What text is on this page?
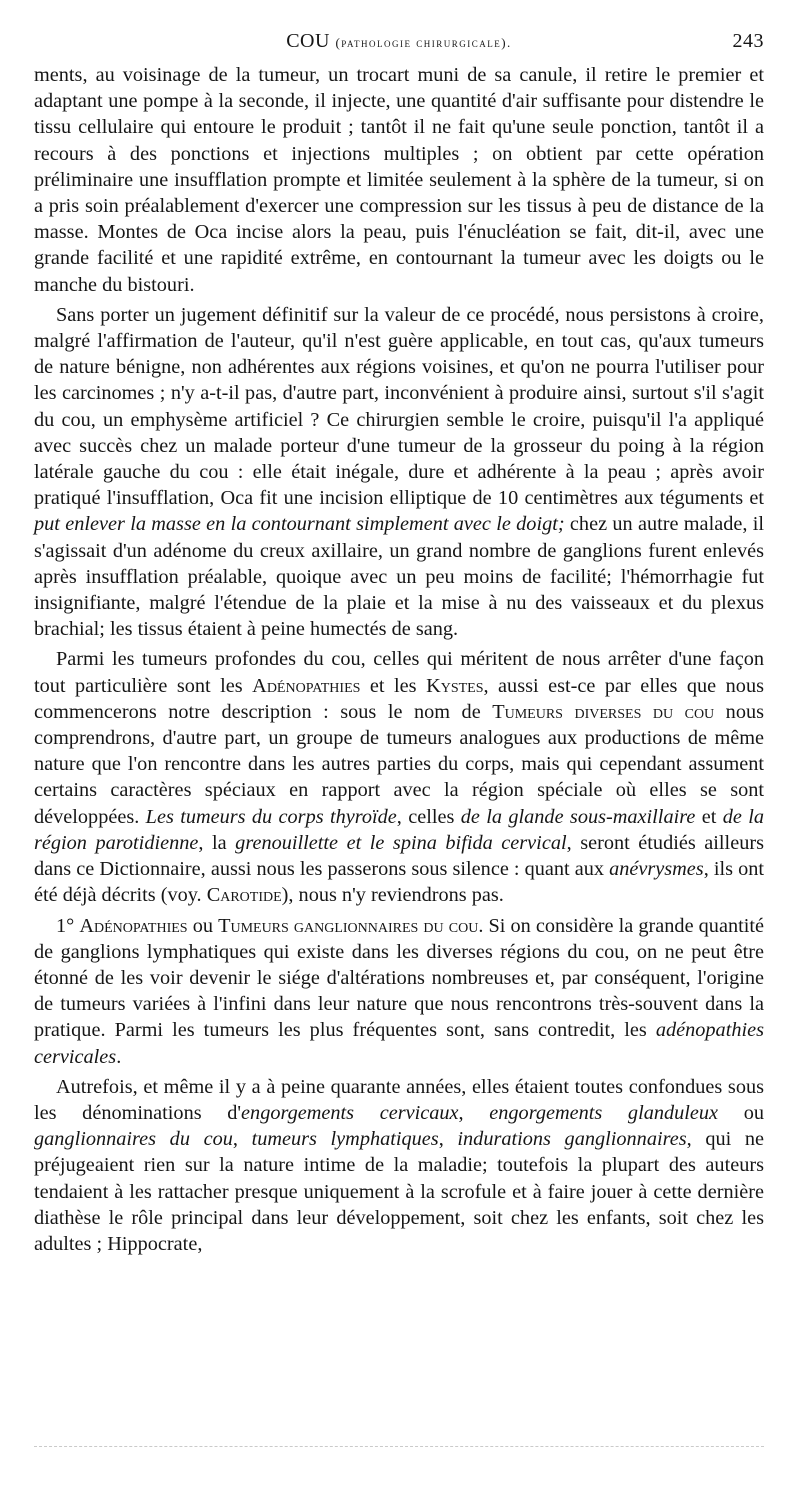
COU (pathologie chirurgicale).	243

ments, au voisinage de la tumeur, un trocart muni de sa canule, il retire le premier et adaptant une pompe à la seconde, il injecte, une quantité d'air suffisante pour distendre le tissu cellulaire qui entoure le produit ; tantôt il ne fait qu'une seule ponction, tantôt il a recours à des ponctions et injections multiples ; on obtient par cette opération préliminaire une insufflation prompte et limitée seulement à la sphère de la tumeur, si on a pris soin préalablement d'exercer une compression sur les tissus à peu de distance de la masse. Montes de Oca incise alors la peau, puis l'énucléation se fait, dit-il, avec une grande facilité et une rapidité extrême, en contournant la tumeur avec les doigts ou le manche du bistouri.

Sans porter un jugement définitif sur la valeur de ce procédé, nous persistons à croire, malgré l'affirmation de l'auteur, qu'il n'est guère applicable, en tout cas, qu'aux tumeurs de nature bénigne, non adhérentes aux régions voisines, et qu'on ne pourra l'utiliser pour les carcinomes ; n'y a-t-il pas, d'autre part, inconvénient à produire ainsi, surtout s'il s'agit du cou, un emphysème artificiel ? Ce chirurgien semble le croire, puisqu'il l'a appliqué avec succès chez un malade porteur d'une tumeur de la grosseur du poing à la région latérale gauche du cou : elle était inégale, dure et adhérente à la peau ; après avoir pratiqué l'insufflation, Oca fit une incision elliptique de 10 centimètres aux téguments et put enlever la masse en la contournant simplement avec le doigt; chez un autre malade, il s'agissait d'un adénome du creux axillaire, un grand nombre de ganglions furent enlevés après insufflation préalable, quoique avec un peu moins de facilité; l'hémorrhagie fut insignifiante, malgré l'étendue de la plaie et la mise à nu des vaisseaux et du plexus brachial; les tissus étaient à peine humectés de sang.

Parmi les tumeurs profondes du cou, celles qui méritent de nous arrêter d'une façon tout particulière sont les Adénopathies et les Kystes, aussi est-ce par elles que nous commencerons notre description : sous le nom de Tumeurs diverses du cou nous comprendrons, d'autre part, un groupe de tumeurs analogues aux productions de même nature que l'on rencontre dans les autres parties du corps, mais qui cependant assument certains caractères spéciaux en rapport avec la région spéciale où elles se sont développées. Les tumeurs du corps thyroïde, celles de la glande sous-maxillaire et de la région parotidienne, la grenouillette et le spina bifida cervical, seront étudiés ailleurs dans ce Dictionnaire, aussi nous les passerons sous silence : quant aux anévrysmes, ils ont été déjà décrits (voy. Carotide), nous n'y reviendrons pas.

1° Adénopathies ou Tumeurs ganglionnaires du cou. Si on considère la grande quantité de ganglions lymphatiques qui existe dans les diverses régions du cou, on ne peut être étonné de les voir devenir le siége d'altérations nombreuses et, par conséquent, l'origine de tumeurs variées à l'infini dans leur nature que nous rencontrons très-souvent dans la pratique. Parmi les tumeurs les plus fréquentes sont, sans contredit, les adénopathies cervicales.

Autrefois, et même il y a à peine quarante années, elles étaient toutes confondues sous les dénominations d'engorgements cervicaux, engorgements glanduleux ou ganglionnaires du cou, tumeurs lymphatiques, indurations ganglionnaires, qui ne préjugeaient rien sur la nature intime de la maladie; toutefois la plupart des auteurs tendaient à les rattacher presque uniquement à la scrofule et à faire jouer à cette dernière diathèse le rôle principal dans leur développement, soit chez les enfants, soit chez les adultes ; Hippocrate,
